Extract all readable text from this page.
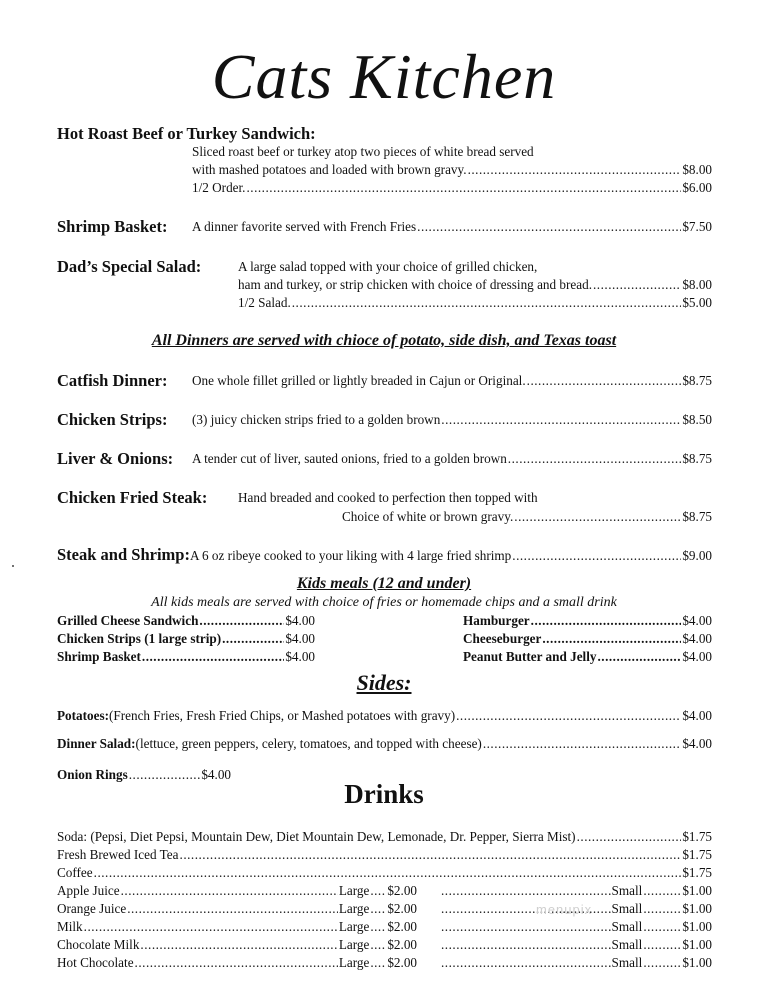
Cats Kitchen
Hot Roast Beef or Turkey Sandwich:
Sliced roast beef or turkey atop two pieces of white bread served
with mashed potatoes and loaded with brown gravy. .....	$8.00
1/2 Order. .....	$6.00
Shrimp Basket: A dinner favorite served with French Fries .....	$7.50
Dad’s Special Salad:	A large salad topped with your choice of grilled chicken,
ham and turkey, or strip chicken with choice of dressing and bread. .....	$8.00
1/2 Salad. .....	$5.00
All Dinners are served with chioce of potato, side dish, and Texas toast
Catfish Dinner: One whole fillet grilled or lightly breaded in Cajun or Original. .....	$8.75
Chicken Strips: (3) juicy chicken strips fried to a golden brown .....	$8.50
Liver & Onions: A tender cut of liver, sauted onions, fried to a golden brown .....	$8.75
Chicken Fried Steak: Hand breaded and cooked to perfection then topped with
Choice of white or brown gravy. .....	$8.75
Steak and Shrimp: A 6 oz ribeye cooked to your liking with 4 large fried shrimp .....	$9.00
Kids meals (12 and under)
All kids meals are served with choice of fries or homemade chips and a small drink
Grilled Cheese Sandwich .....	$4.00
Chicken Strips (1 large strip) .....	$4.00
Shrimp Basket .....	$4.00
Hamburger .....	$4.00
Cheeseburger .....	$4.00
Peanut Butter and Jelly .....	$4.00
Sides:
Potatoes: (French Fries, Fresh Fried Chips, or Mashed potatoes with gravy) .....	$4.00
Dinner Salad: (lettuce, green peppers, celery, tomatoes, and topped with cheese) .....	$4.00
Onion Rings .....	$4.00
Drinks
Soda: (Pepsi, Diet Pepsi, Mountain Dew, Diet Mountain Dew, Lemonade, Dr. Pepper, Sierra Mist) .....	$1.75
Fresh Brewed Iced Tea .....	$1.75
Coffee .....	$1.75
Apple Juice .....	Large ..... $2.00 .....	Small .....	$1.00
Orange Juice .....	Large ..... $2.00 .....	Small .....	$1.00
Milk .....	Large ..... $2.00 .....	Small .....	$1.00
Chocolate Milk .....	Large ..... $2.00 .....	Small .....	$1.00
Hot Chocolate .....	Large ..... $2.00 .....	Small .....	$1.00
menupix
